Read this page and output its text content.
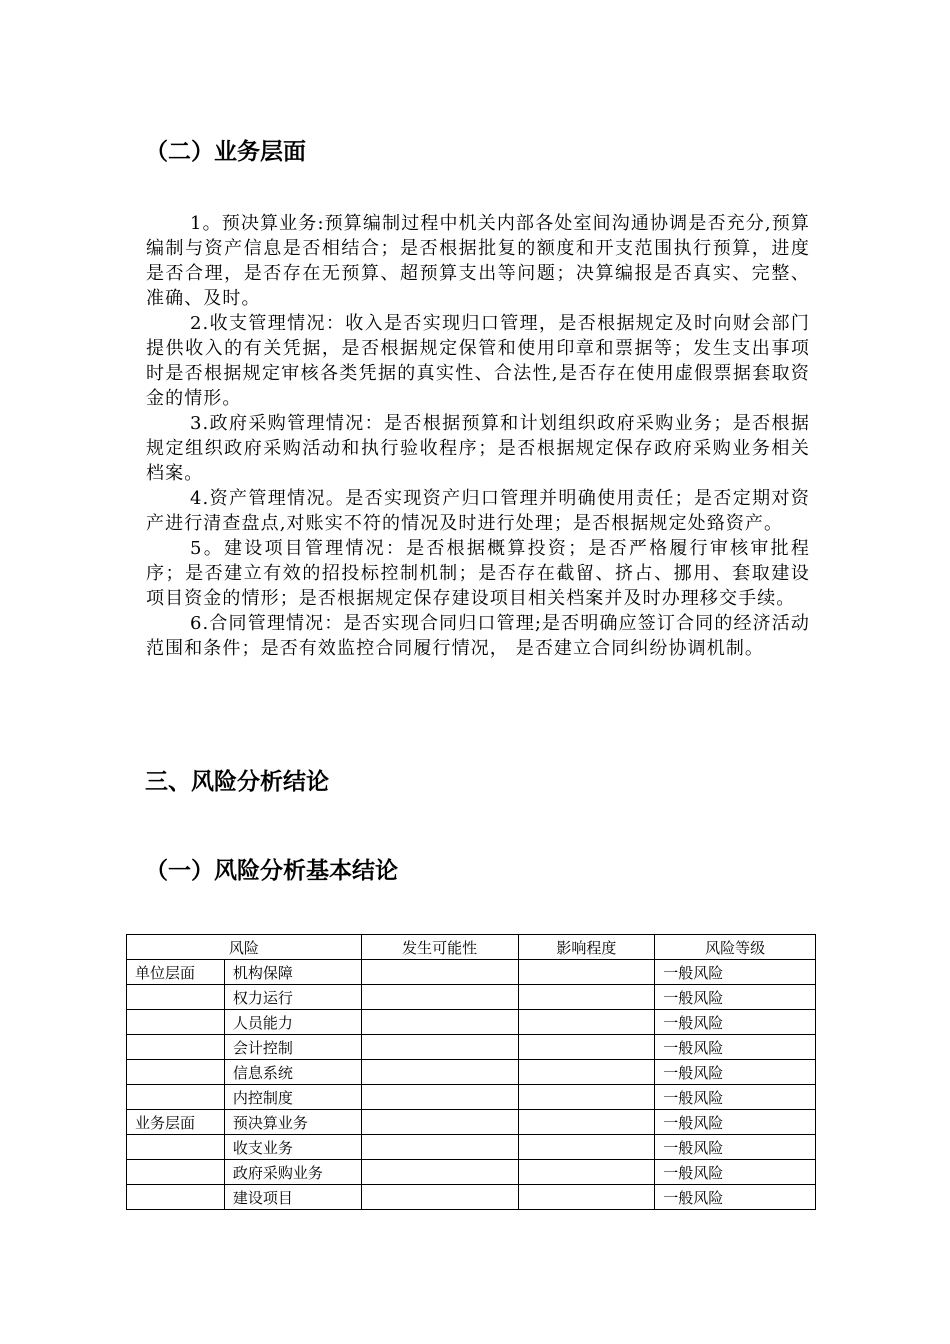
（二）业务层面

1。预决算业务:预算编制过程中机关内部各处室间沟通协调是否充分,预算编制与资产信息是否相结合；是否根据批复的额度和开支范围执行预算，进度是否合理，是否存在无预算、超预算支出等问题；决算编报是否真实、完整、准确、及时。

2.收支管理情况：收入是否实现归口管理，是否根据规定及时向财会部门提供收入的有关凭据，是否根据规定保管和使用印章和票据等；发生支出事项时是否根据规定审核各类凭据的真实性、合法性,是否存在使用虚假票据套取资金的情形。

3.政府采购管理情况：是否根据预算和计划组织政府采购业务；是否根据规定组织政府采购活动和执行验收程序；是否根据规定保存政府采购业务相关档案。

4.资产管理情况。是否实现资产归口管理并明确使用责任；是否定期对资产进行清查盘点,对账实不符的情况及时进行处理；是否根据规定处臵资产。

5。建设项目管理情况：是否根据概算投资；是否严格履行审核审批程序；是否建立有效的招投标控制机制；是否存在截留、挤占、挪用、套取建设项目资金的情形；是否根据规定保存建设项目相关档案并及时办理移交手续。

6.合同管理情况：是否实现合同归口管理;是否明确应签订合同的经济活动范围和条件；是否有效监控合同履行情况， 是否建立合同纠纷协调机制。

三、风险分析结论
（一）风险分析基本结论
风险		发生可能性	影响程度	风险等级
单位层面	机构保障			一般风险
	权力运行			一般风险
	人员能力			一般风险
	会计控制			一般风险
	信息系统			一般风险
	内控制度			一般风险
业务层面	预决算业务			一般风险
	收支业务			一般风险
	政府采购业务			一般风险
	建设项目			一般风险
